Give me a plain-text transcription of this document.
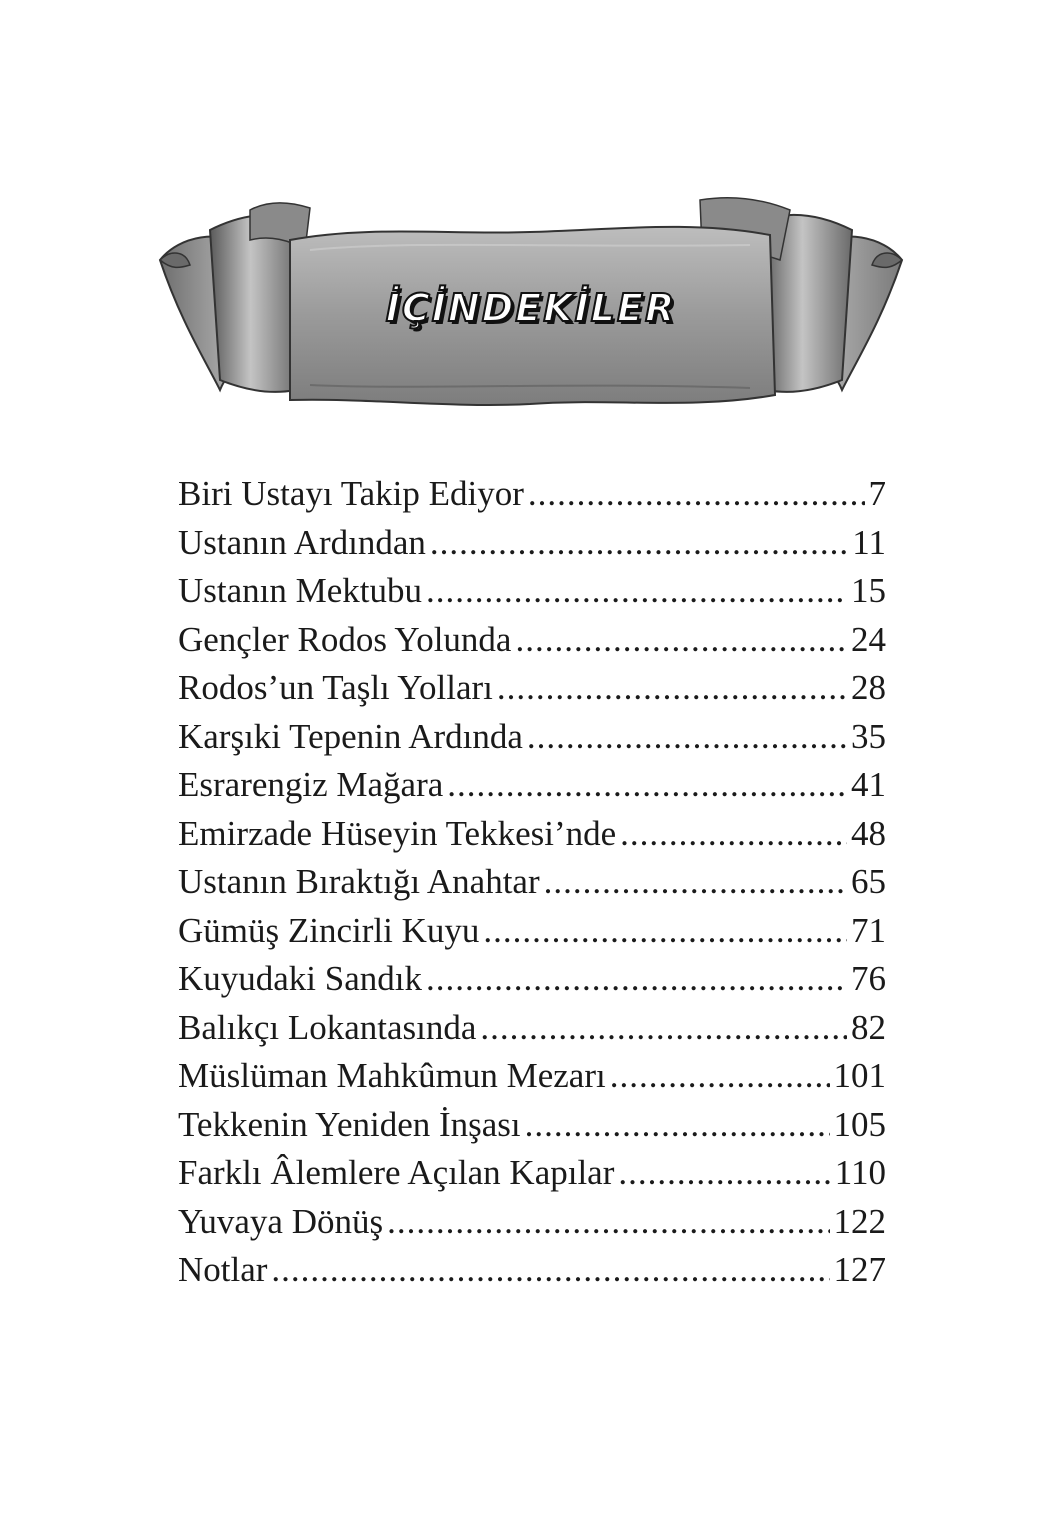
İÇİNDEKİLER
Biri Ustayı Takip Ediyor .....	7
Ustanın Ardından .....	11
Ustanın Mektubu .....	15
Gençler Rodos Yolunda .....	24
Rodos’un Taşlı Yolları .....	28
Karşıki Tepenin Ardında .....	35
Esrarengiz Mağara .....	41
Emirzade Hüseyin Tekkesi’nde .....	48
Ustanın Bıraktığı Anahtar .....	65
Gümüş Zincirli Kuyu .....	71
Kuyudaki Sandık .....	76
Balıkçı Lokantasında .....	82
Müslüman Mahkûmun Mezarı .....	101
Tekkenin Yeniden İnşası .....	105
Farklı Âlemlere Açılan Kapılar .....	110
Yuvaya Dönüş .....	122
Notlar .....	127
